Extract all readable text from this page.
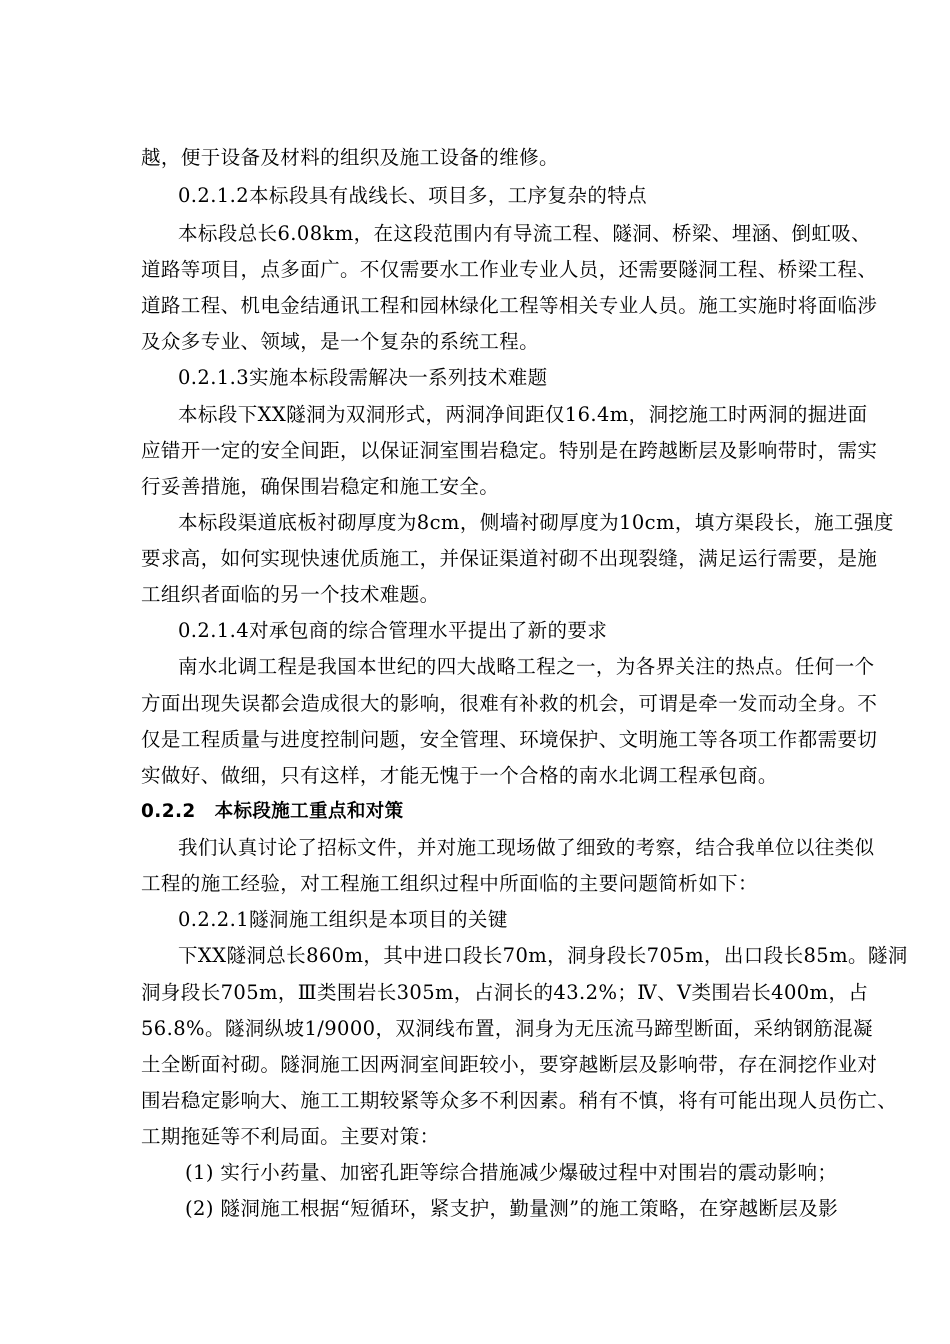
越，便于设备及材料的组织及施工设备的维修。
0.2.1.2本标段具有战线长、项目多，工序复杂的特点
本标段总长6.08km，在这段范围内有导流工程、隧洞、桥梁、埋涵、倒虹吸、
道路等项目，点多面广。不仅需要水工作业专业人员，还需要隧洞工程、桥梁工程、
道路工程、机电金结通讯工程和园林绿化工程等相关专业人员。施工实施时将面临涉
及众多专业、领域，是一个复杂的系统工程。
0.2.1.3实施本标段需解决一系列技术难题
本标段下XX隧洞为双洞形式，两洞净间距仅16.4m，洞挖施工时两洞的掘进面
应错开一定的安全间距，以保证洞室围岩稳定。特别是在跨越断层及影响带时，需实
行妥善措施，确保围岩稳定和施工安全。
本标段渠道底板衬砌厚度为8cm，侧墙衬砌厚度为10cm，填方渠段长，施工强度
要求高，如何实现快速优质施工，并保证渠道衬砌不出现裂缝，满足运行需要，是施
工组织者面临的另一个技术难题。
0.2.1.4对承包商的综合管理水平提出了新的要求
南水北调工程是我国本世纪的四大战略工程之一，为各界关注的热点。任何一个
方面出现失误都会造成很大的影响，很难有补救的机会，可谓是牵一发而动全身。不
仅是工程质量与进度控制问题，安全管理、环境保护、文明施工等各项工作都需要切
实做好、做细，只有这样，才能无愧于一个合格的南水北调工程承包商。
0.2.2　本标段施工重点和对策
我们认真讨论了招标文件，并对施工现场做了细致的考察，结合我单位以往类似
工程的施工经验，对工程施工组织过程中所面临的主要问题简析如下：
0.2.2.1隧洞施工组织是本项目的关键
下XX隧洞总长860m，其中进口段长70m，洞身段长705m，出口段长85m。隧洞
洞身段长705m，Ⅲ类围岩长305m，占洞长的43.2%；Ⅳ、Ⅴ类围岩长400m，占
56.8%。隧洞纵坡1/9000，双洞线布置，洞身为无压流马蹄型断面，采纳钢筋混凝
土全断面衬砌。隧洞施工因两洞室间距较小，要穿越断层及影响带，存在洞挖作业对
围岩稳定影响大、施工工期较紧等众多不利因素。稍有不慎，将有可能出现人员伤亡、
工期拖延等不利局面。主要对策：
(1) 实行小药量、加密孔距等综合措施减少爆破过程中对围岩的震动影响；
(2) 隧洞施工根据“短循环，紧支护，勤量测”的施工策略，在穿越断层及影
